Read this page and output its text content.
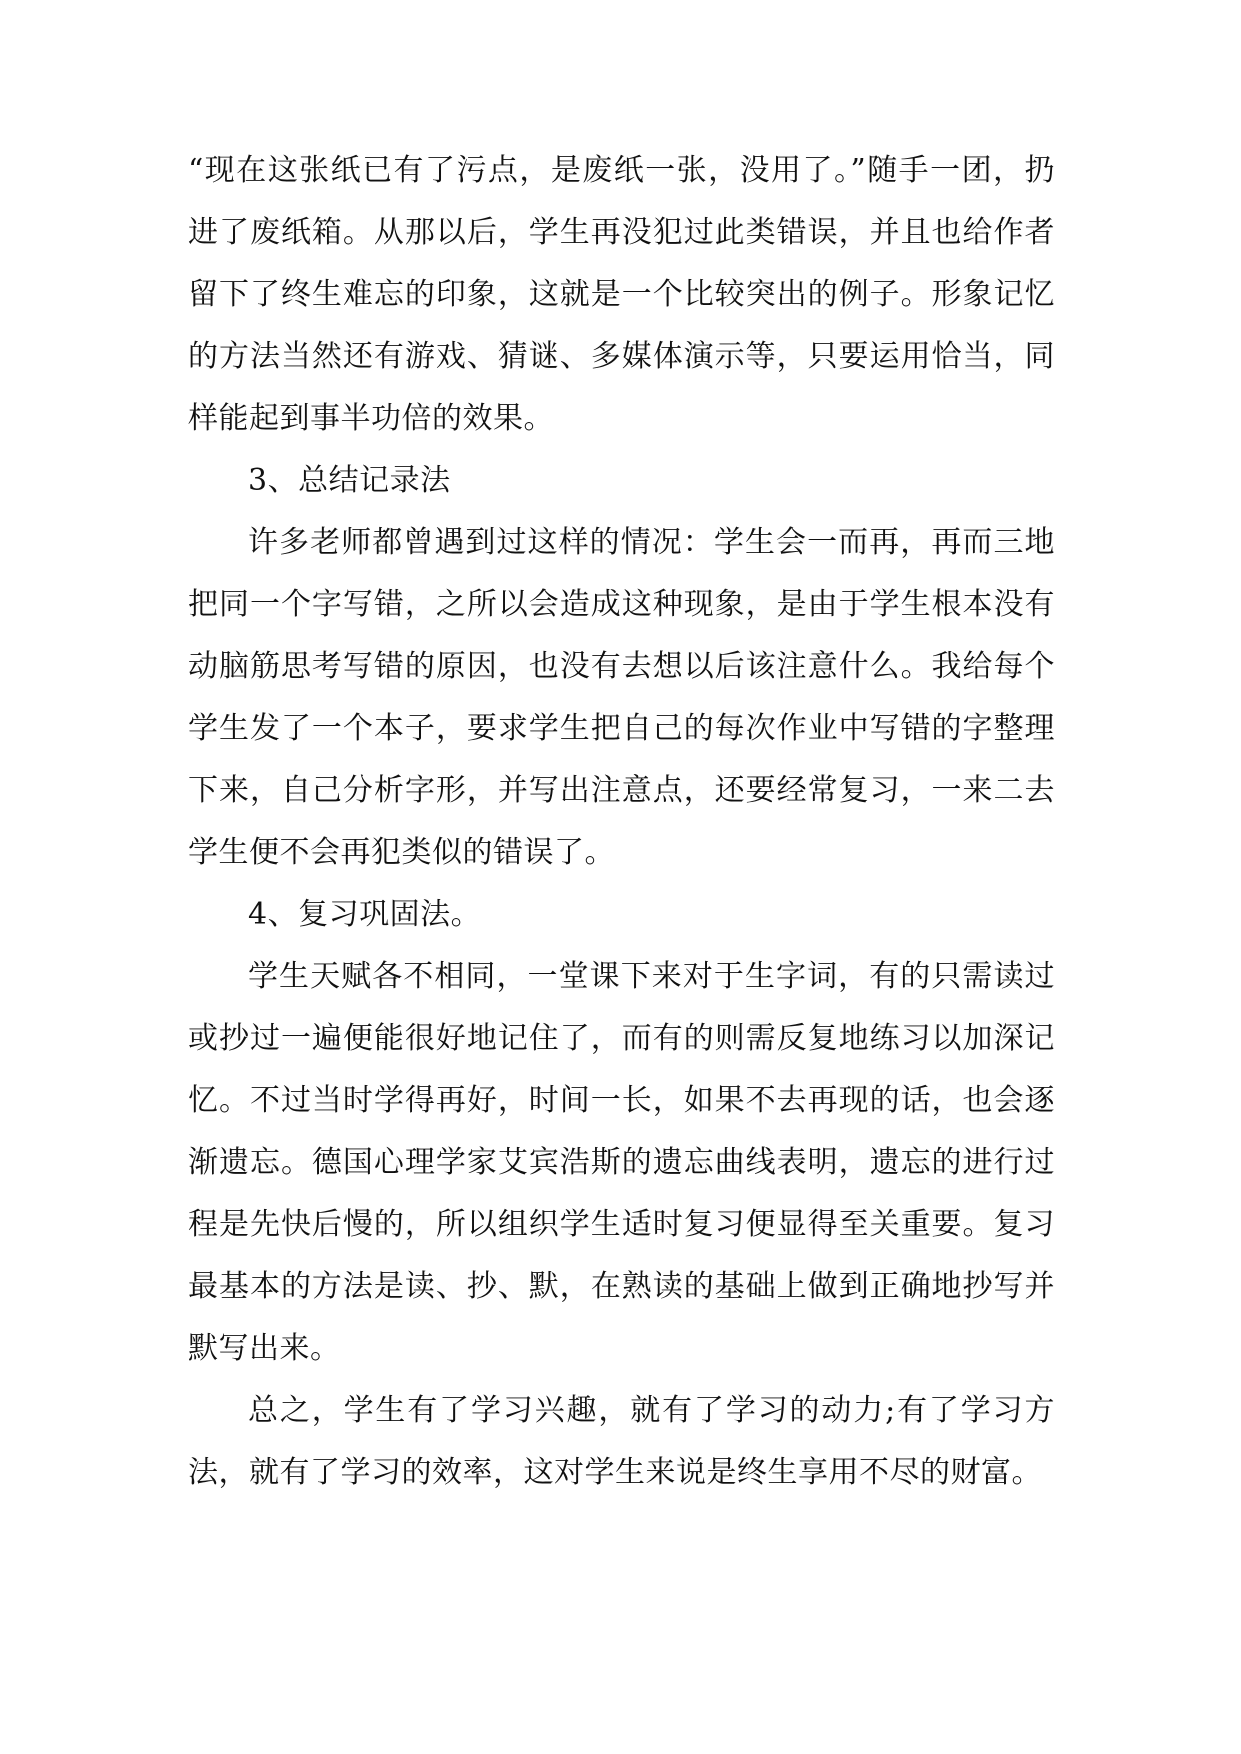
“现在这张纸已有了污点，是废纸一张，没用了。”随手一团，扔进了废纸箱。从那以后，学生再没犯过此类错误，并且也给作者留下了终生难忘的印象，这就是一个比较突出的例子。形象记忆的方法当然还有游戏、猜谜、多媒体演示等，只要运用恰当，同样能起到事半功倍的效果。

3、总结记录法

许多老师都曾遇到过这样的情况：学生会一而再，再而三地把同一个字写错，之所以会造成这种现象，是由于学生根本没有动脑筋思考写错的原因，也没有去想以后该注意什么。我给每个学生发了一个本子，要求学生把自己的每次作业中写错的字整理下来，自己分析字形，并写出注意点，还要经常复习，一来二去学生便不会再犯类似的错误了。

4、复习巩固法。

学生天赋各不相同，一堂课下来对于生字词，有的只需读过或抄过一遍便能很好地记住了，而有的则需反复地练习以加深记忆。不过当时学得再好，时间一长，如果不去再现的话，也会逐渐遗忘。德国心理学家艾宾浩斯的遗忘曲线表明，遗忘的进行过程是先快后慢的，所以组织学生适时复习便显得至关重要。复习最基本的方法是读、抄、默，在熟读的基础上做到正确地抄写并默写出来。

总之，学生有了学习兴趣，就有了学习的动力;有了学习方法，就有了学习的效率，这对学生来说是终生享用不尽的财富。
